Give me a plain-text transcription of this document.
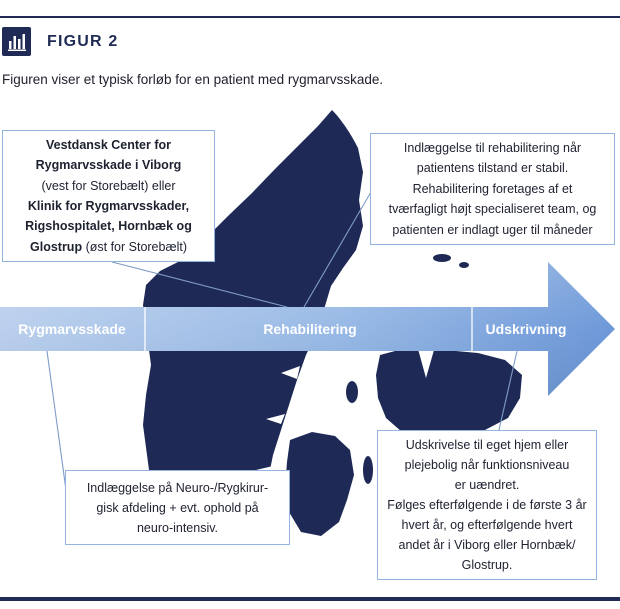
FIGUR 2
Figuren viser et typisk forløb for en patient med rygmarvsskade.
Rygmarvsskade	Rehabilitering	Udskrivning
Vestdansk Center for
Rygmarvsskade i Viborg
(vest for Storebælt) eller
Klinik for Rygmarvsskader,
Rigshospitalet, Hornbæk og
Glostrup (øst for Storebælt)
Indlæggelse til rehabilitering når
patientens tilstand er stabil.
Rehabilitering foretages af et
tværfagligt højt specialiseret team, og
patienten er indlagt uger til måneder
Indlæggelse på Neuro-/Rygkirur-
gisk afdeling + evt. ophold på
neuro-intensiv.
Udskrivelse til eget hjem eller
plejebolig når funktionsniveau
er uændret.
Følges efterfølgende i de første 3 år
hvert år, og efterfølgende hvert
andet år i Viborg eller Hornbæk/
Glostrup.
